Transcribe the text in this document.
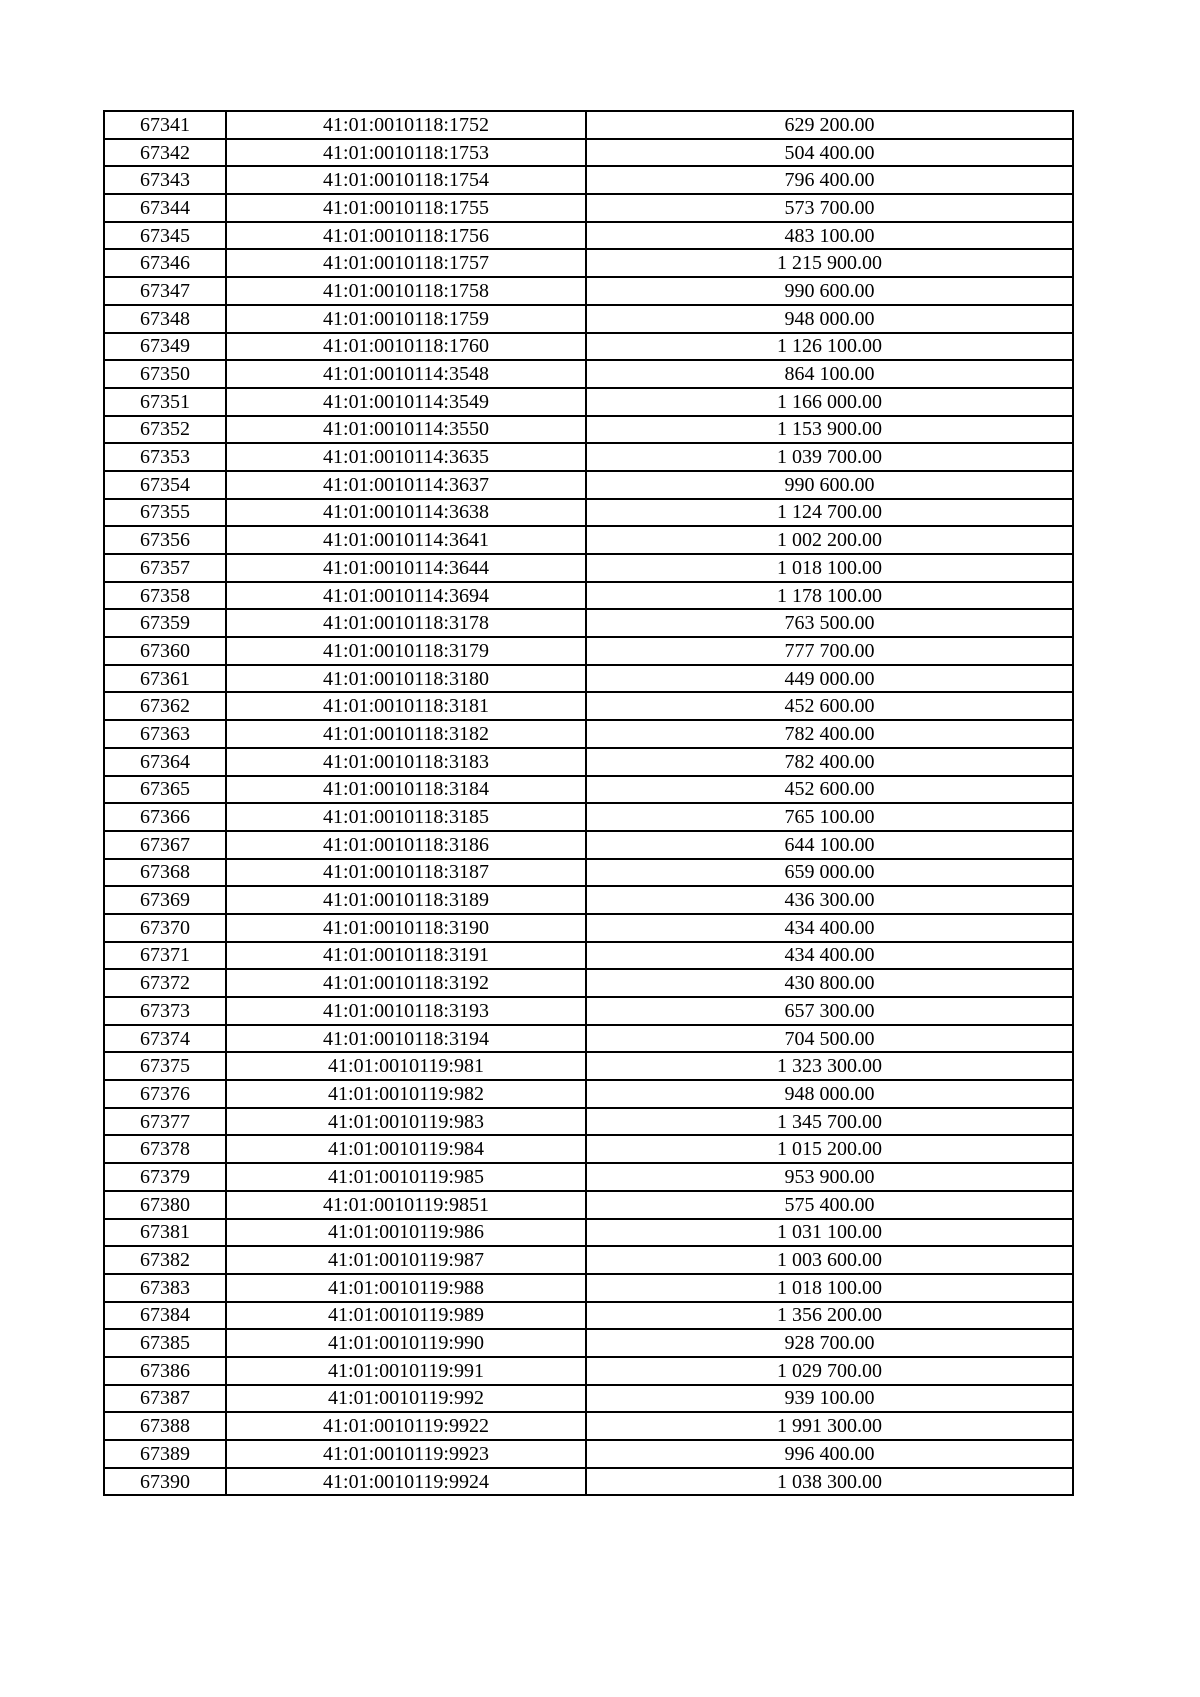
67341	41:01:0010118:1752	629 200.00
67342	41:01:0010118:1753	504 400.00
67343	41:01:0010118:1754	796 400.00
67344	41:01:0010118:1755	573 700.00
67345	41:01:0010118:1756	483 100.00
67346	41:01:0010118:1757	1 215 900.00
67347	41:01:0010118:1758	990 600.00
67348	41:01:0010118:1759	948 000.00
67349	41:01:0010118:1760	1 126 100.00
67350	41:01:0010114:3548	864 100.00
67351	41:01:0010114:3549	1 166 000.00
67352	41:01:0010114:3550	1 153 900.00
67353	41:01:0010114:3635	1 039 700.00
67354	41:01:0010114:3637	990 600.00
67355	41:01:0010114:3638	1 124 700.00
67356	41:01:0010114:3641	1 002 200.00
67357	41:01:0010114:3644	1 018 100.00
67358	41:01:0010114:3694	1 178 100.00
67359	41:01:0010118:3178	763 500.00
67360	41:01:0010118:3179	777 700.00
67361	41:01:0010118:3180	449 000.00
67362	41:01:0010118:3181	452 600.00
67363	41:01:0010118:3182	782 400.00
67364	41:01:0010118:3183	782 400.00
67365	41:01:0010118:3184	452 600.00
67366	41:01:0010118:3185	765 100.00
67367	41:01:0010118:3186	644 100.00
67368	41:01:0010118:3187	659 000.00
67369	41:01:0010118:3189	436 300.00
67370	41:01:0010118:3190	434 400.00
67371	41:01:0010118:3191	434 400.00
67372	41:01:0010118:3192	430 800.00
67373	41:01:0010118:3193	657 300.00
67374	41:01:0010118:3194	704 500.00
67375	41:01:0010119:981	1 323 300.00
67376	41:01:0010119:982	948 000.00
67377	41:01:0010119:983	1 345 700.00
67378	41:01:0010119:984	1 015 200.00
67379	41:01:0010119:985	953 900.00
67380	41:01:0010119:9851	575 400.00
67381	41:01:0010119:986	1 031 100.00
67382	41:01:0010119:987	1 003 600.00
67383	41:01:0010119:988	1 018 100.00
67384	41:01:0010119:989	1 356 200.00
67385	41:01:0010119:990	928 700.00
67386	41:01:0010119:991	1 029 700.00
67387	41:01:0010119:992	939 100.00
67388	41:01:0010119:9922	1 991 300.00
67389	41:01:0010119:9923	996 400.00
67390	41:01:0010119:9924	1 038 300.00
